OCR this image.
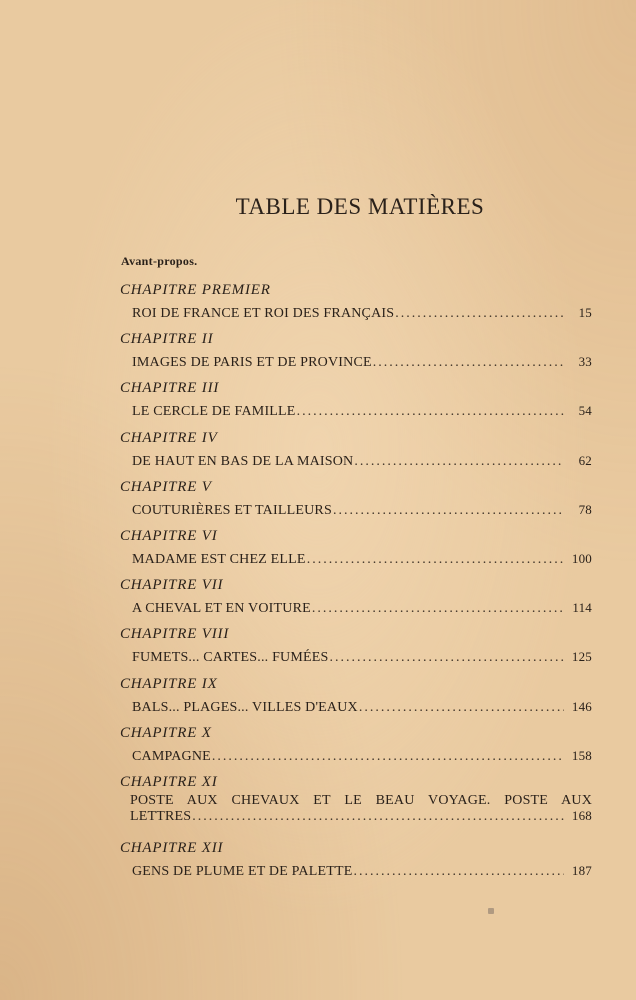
TABLE DES MATIÈRES
Avant-propos.
CHAPITRE PREMIER
ROI DE FRANCE ET ROI DES FRANÇAIS .....	15
CHAPITRE II
IMAGES DE PARIS ET DE PROVINCE .....	33
CHAPITRE III
LE CERCLE DE FAMILLE .....	54
CHAPITRE IV
DE HAUT EN BAS DE LA MAISON .....	62
CHAPITRE V
COUTURIÈRES ET TAILLEURS .....	78
CHAPITRE VI
MADAME EST CHEZ ELLE .....	100
CHAPITRE VII
A CHEVAL ET EN VOITURE .....	114
CHAPITRE VIII
FUMETS... CARTES... FUMÉES .....	125
CHAPITRE IX
BALS... PLAGES... VILLES D'EAUX .....	146
CHAPITRE X
CAMPAGNE .....	158
CHAPITRE XI
POSTE AUX CHEVAUX ET LE BEAU VOYAGE. POSTE AUX
LETTRES .....	168
CHAPITRE XII
GENS DE PLUME ET DE PALETTE .....	187
